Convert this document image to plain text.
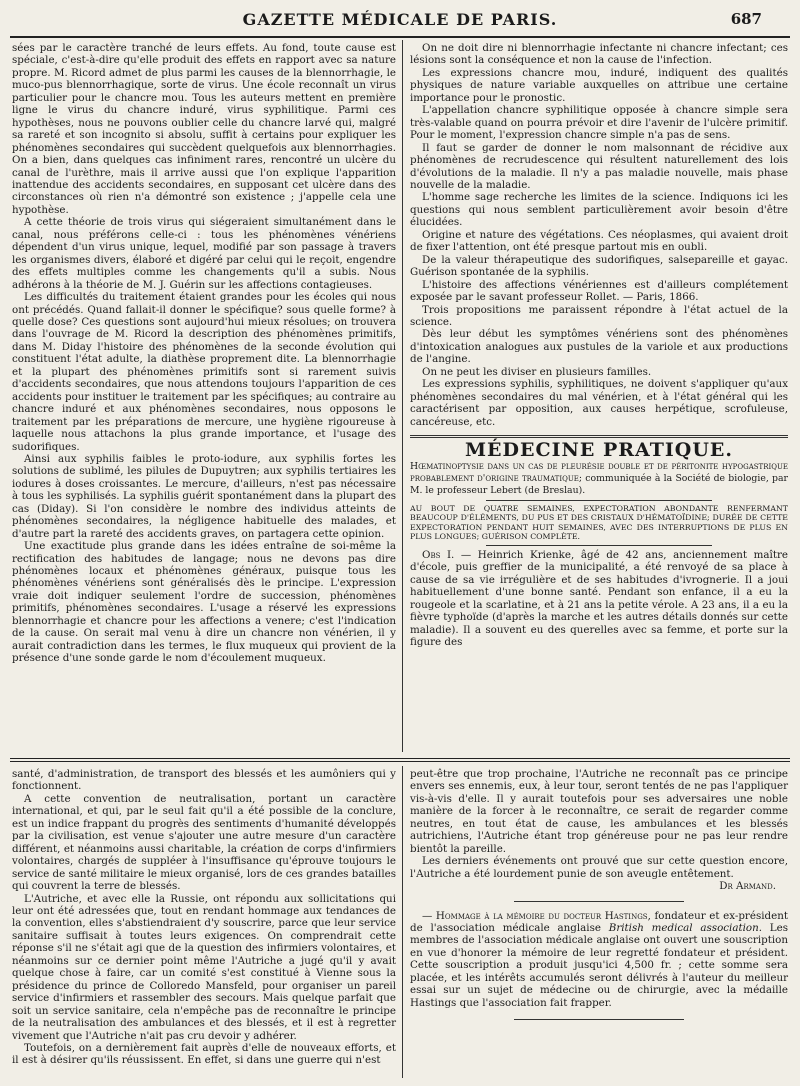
GAZETTE MÉDICALE DE PARIS.	687

sées par le caractère tranché de leurs effets. Au fond, toute cause est spéciale, c'est-à-dire qu'elle produit des effets en rapport avec sa nature propre. M. Ricord admet de plus parmi les causes de la blennorrhagie, le muco-pus blennorrhagique, sorte de virus. Une école reconnaît un virus particulier pour le chancre mou. Tous les auteurs mettent en première ligne le virus du chancre induré, virus syphilitique. Parmi ces hypothèses, nous ne pouvons oublier celle du chancre larvé qui, malgré sa rareté et son incognito si absolu, suffit à certains pour expliquer les phénomènes secondaires qui succèdent quelquefois aux blennorrhagies. On a bien, dans quelques cas infiniment rares, rencontré un ulcère du canal de l'urèthre, mais il arrive aussi que l'on explique l'apparition inattendue des accidents secondaires, en supposant cet ulcère dans des circonstances où rien n'a démontré son existence ; j'appelle cela une hypothèse.

A cette théorie de trois virus qui siégeraient simultanément dans le canal, nous préférons celle-ci : tous les phénomènes vénériens dépendent d'un virus unique, lequel, modifié par son passage à travers les organismes divers, élaboré et digéré par celui qui le reçoit, engendre des effets multiples comme les changements qu'il a subis. Nous adhérons à la théorie de M. J. Guérin sur les affections contagieuses.

Les difficultés du traitement étaient grandes pour les écoles qui nous ont précédés. Quand fallait-il donner le spécifique? sous quelle forme? à quelle dose? Ces questions sont aujourd'hui mieux résolues; on trouvera dans l'ouvrage de M. Ricord la description des phénomènes primitifs, dans M. Diday l'histoire des phénomènes de la seconde évolution qui constituent l'état adulte, la diathèse proprement dite. La blennorrhagie et la plupart des phénomènes primitifs sont si rarement suivis d'accidents secondaires, que nous attendons toujours l'apparition de ces accidents pour instituer le traitement par les spécifiques; au contraire au chancre induré et aux phénomènes secondaires, nous opposons le traitement par les préparations de mercure, une hygiène rigoureuse à laquelle nous attachons la plus grande importance, et l'usage des sudorifiques.

Ainsi aux syphilis faibles le proto-iodure, aux syphilis fortes les solutions de sublimé, les pilules de Dupuytren; aux syphilis tertiaires les iodures à doses croissantes. Le mercure, d'ailleurs, n'est pas nécessaire à tous les syphilisés. La syphilis guérit spontanément dans la plupart des cas (Diday). Si l'on considère le nombre des individus atteints de phénomènes secondaires, la négligence habituelle des malades, et d'autre part la rareté des accidents graves, on partagera cette opinion.

Une exactitude plus grande dans les idées entraîne de soi-même la rectification des habitudes de langage; nous ne devons pas dire phénomènes locaux et phénomènes généraux, puisque tous les phénomènes vénériens sont généralisés dès le principe. L'expression vraie doit indiquer seulement l'ordre de succession, phénomènes primitifs, phénomènes secondaires. L'usage a réservé les expressions blennorrhagie et chancre pour les affections a venere; c'est l'indication de la cause. On serait mal venu à dire un chancre non vénérien, il y aurait contradiction dans les termes, le flux muqueux qui provient de la présence d'une sonde garde le nom d'écoulement muqueux.

On ne doit dire ni blennorrhagie infectante ni chancre infectant; ces lésions sont la conséquence et non la cause de l'infection.

Les expressions chancre mou, induré, indiquent des qualités physiques de nature variable auxquelles on attribue une certaine importance pour le pronostic.

L'appellation chancre syphilitique opposée à chancre simple sera très-valable quand on pourra prévoir et dire l'avenir de l'ulcère primitif. Pour le moment, l'expression chancre simple n'a pas de sens.

Il faut se garder de donner le nom malsonnant de récidive aux phénomènes de recrudescence qui résultent naturellement des lois d'évolutions de la maladie. Il n'y a pas maladie nouvelle, mais phase nouvelle de la maladie.

L'homme sage recherche les limites de la science. Indiquons ici les questions qui nous semblent particulièrement avoir besoin d'être élucidées.

Origine et nature des végétations. Ces néoplasmes, qui avaient droit de fixer l'attention, ont été presque partout mis en oubli.

De la valeur thérapeutique des sudorifiques, salsepareille et gayac. Guérison spontanée de la syphilis.

L'histoire des affections vénériennes est d'ailleurs complétement exposée par le savant professeur Rollet. — Paris, 1866.

Trois propositions me paraissent répondre à l'état actuel de la science.

Dès leur début les symptômes vénériens sont des phénomènes d'intoxication analogues aux pustules de la variole et aux productions de l'angine.

On ne peut les diviser en plusieurs familles.

Les expressions syphilis, syphilitiques, ne doivent s'appliquer qu'aux phénomènes secondaires du mal vénérien, et à l'état général qui les caractérisent par opposition, aux causes herpétique, scrofuleuse, cancéreuse, etc.

MÉDECINE PRATIQUE.

Hœmatinoptysie dans un cas de pleurésie double et de péritonite hypogastrique probablement d'origine traumatique; communiquée à la Société de biologie, par M. le professeur Lebert (de Breslau).

AU BOUT DE QUATRE SEMAINES, EXPECTORATION ABONDANTE RENFERMANT BEAUCOUP D'ÉLÉMENTS, DU PUS ET DES CRISTAUX D'HÉMATOÏDINE; DURÉE DE CETTE EXPECTORATION PENDANT HUIT SEMAINES, AVEC DES INTERRUPTIONS DE PLUS EN PLUS LONGUES; GUÉRISON COMPLÈTE.

Obs I. — Heinrich Krienke, âgé de 42 ans, anciennement maître d'école, puis greffier de la municipalité, a été renvoyé de sa place à cause de sa vie irrégulière et de ses habitudes d'ivrognerie. Il a joui habituellement d'une bonne santé. Pendant son enfance, il a eu la rougeole et la scarlatine, et à 21 ans la petite vérole. A 23 ans, il a eu la fièvre typhoïde (d'après la marche et les autres détails donnés sur cette maladie). Il a souvent eu des querelles avec sa femme, et porte sur la figure des

santé, d'administration, de transport des blessés et les aumôniers qui y fonctionnent.

A cette convention de neutralisation, portant un caractère international, et qui, par le seul fait qu'il a été possible de la conclure, est un indice frappant du progrès des sentiments d'humanité développés par la civilisation, est venue s'ajouter une autre mesure d'un caractère différent, et néanmoins aussi charitable, la création de corps d'infirmiers volontaires, chargés de suppléer à l'insuffisance qu'éprouve toujours le service de santé militaire le mieux organisé, lors de ces grandes batailles qui couvrent la terre de blessés.

L'Autriche, et avec elle la Russie, ont répondu aux sollicitations qui leur ont été adressées que, tout en rendant hommage aux tendances de la convention, elles s'abstiendraient d'y souscrire, parce que leur service sanitaire suffisait à toutes leurs exigences. On comprendrait cette réponse s'il ne s'était agi que de la question des infirmiers volontaires, et néanmoins sur ce dernier point même l'Autriche a jugé qu'il y avait quelque chose à faire, car un comité s'est constitué à Vienne sous la présidence du prince de Colloredo Mansfeld, pour organiser un pareil service d'infirmiers et rassembler des secours. Mais quelque parfait que soit un service sanitaire, cela n'empêche pas de reconnaître le principe de la neutralisation des ambulances et des blessés, et il est à regretter vivement que l'Autriche n'ait pas cru devoir y adhérer.

Toutefois, on a dernièrement fait auprès d'elle de nouveaux efforts, et il est à désirer qu'ils réussissent. En effet, si dans une guerre qui n'est

peut-être que trop prochaine, l'Autriche ne reconnaît pas ce principe envers ses ennemis, eux, à leur tour, seront tentés de ne pas l'appliquer vis-à-vis d'elle. Il y aurait toutefois pour ses adversaires une noble manière de la forcer à le reconnaître, ce serait de regarder comme neutres, en tout état de cause, les ambulances et les blessés autrichiens, l'Autriche étant trop généreuse pour ne pas leur rendre bientôt la pareille.

Les derniers événements ont prouvé que sur cette question encore, l'Autriche a été lourdement punie de son aveugle entêtement.

Dr Armand.

— Hommage à la mémoire du docteur Hastings, fondateur et ex-président de l'association médicale anglaise British medical association. Les membres de l'association médicale anglaise ont ouvert une souscription en vue d'honorer la mémoire de leur regretté fondateur et président. Cette souscription a produit jusqu'ici 4,500 fr. ; cette somme sera placée, et les intérêts accumulés seront délivrés à l'auteur du meilleur essai sur un sujet de médecine ou de chirurgie, avec la médaille Hastings que l'association fait frapper.
